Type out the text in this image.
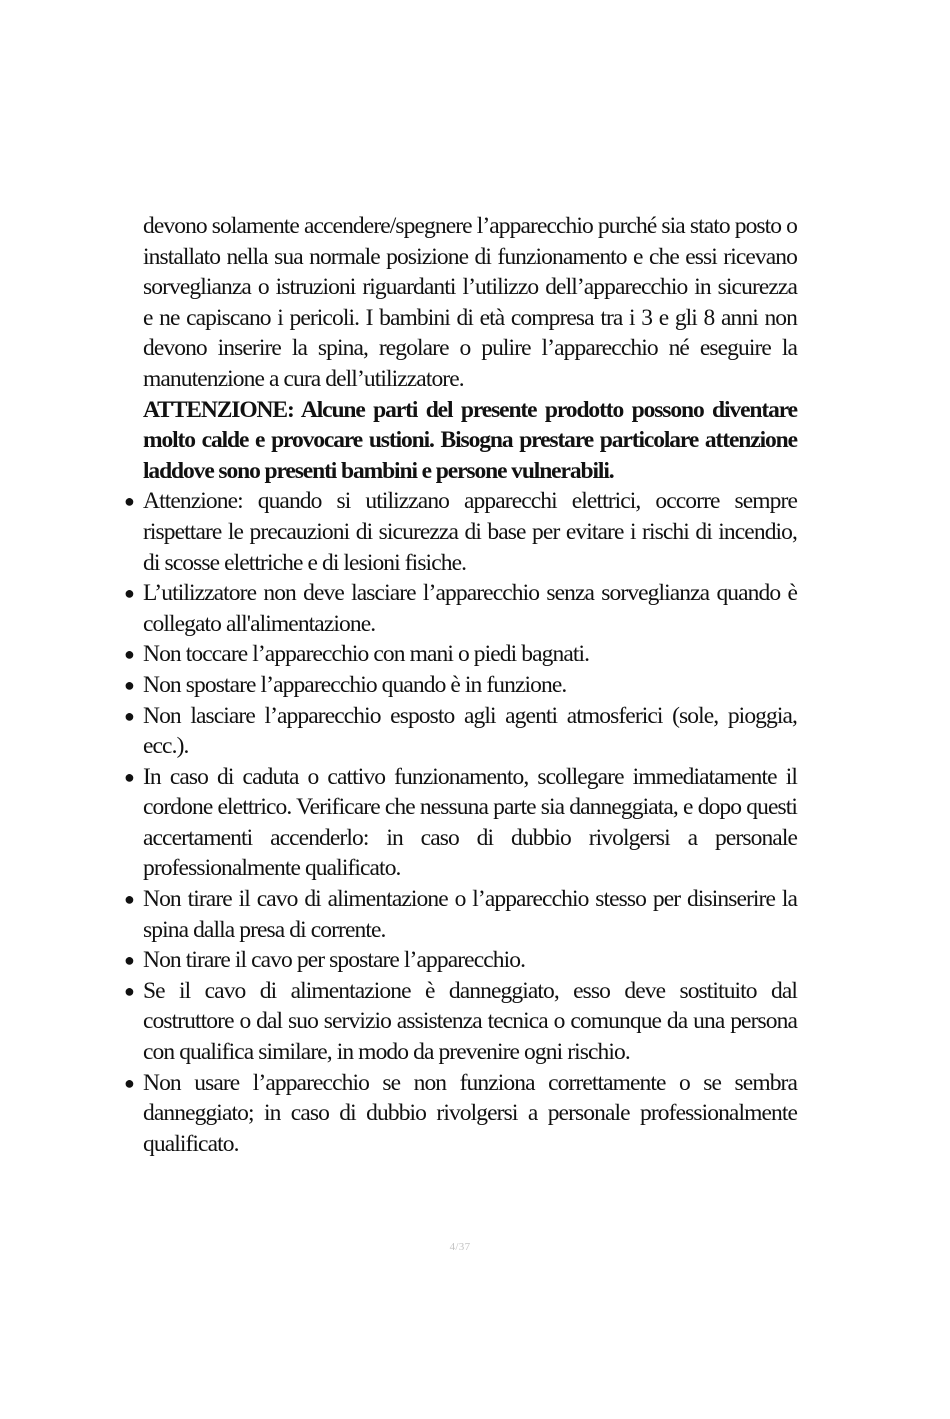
devono solamente accendere/spegnere l’apparecchio purché sia stato posto o installato nella sua normale posizione di funzionamento e che essi ricevano sorveglianza o istruzioni riguardanti l’utilizzo dell’apparecchio in sicurezza e ne capiscano i pericoli. I bambini di età compresa tra i 3 e gli 8 anni non devono inserire la spina, regolare o pulire l’apparecchio né eseguire la manutenzione a cura dell’utilizzatore.

ATTENZIONE: Alcune parti del presente prodotto possono diventare molto calde e provocare ustioni. Bisogna prestare particolare attenzione laddove sono presenti bambini e persone vulnerabili.

● Attenzione: quando si utilizzano apparecchi elettrici, occorre sempre rispettare le precauzioni di sicurezza di base per evitare i rischi di incendio, di scosse elettriche e di lesioni fisiche.
● L’utilizzatore non deve lasciare l’apparecchio senza sorveglianza quando è collegato all'alimentazione.
● Non toccare l’apparecchio con mani o piedi bagnati.
● Non spostare l’apparecchio quando è in funzione.
● Non lasciare l’apparecchio esposto agli agenti atmosferici (sole, pioggia, ecc.).
● In caso di caduta o cattivo funzionamento, scollegare immediatamente il cordone elettrico. Verificare che nessuna parte sia danneggiata, e dopo questi accertamenti accenderlo: in caso di dubbio rivolgersi a personale professionalmente qualificato.
● Non tirare il cavo di alimentazione o l’apparecchio stesso per disinserire la spina dalla presa di corrente.
● Non tirare il cavo per spostare l’apparecchio.
● Se il cavo di alimentazione è danneggiato, esso deve sostituito dal costruttore o dal suo servizio assistenza tecnica o comunque da una persona con qualifica similare, in modo da prevenire ogni rischio.
● Non usare l’apparecchio se non funziona correttamente o se sembra danneggiato; in caso di dubbio rivolgersi a personale professionalmente qualificato.
4/37
